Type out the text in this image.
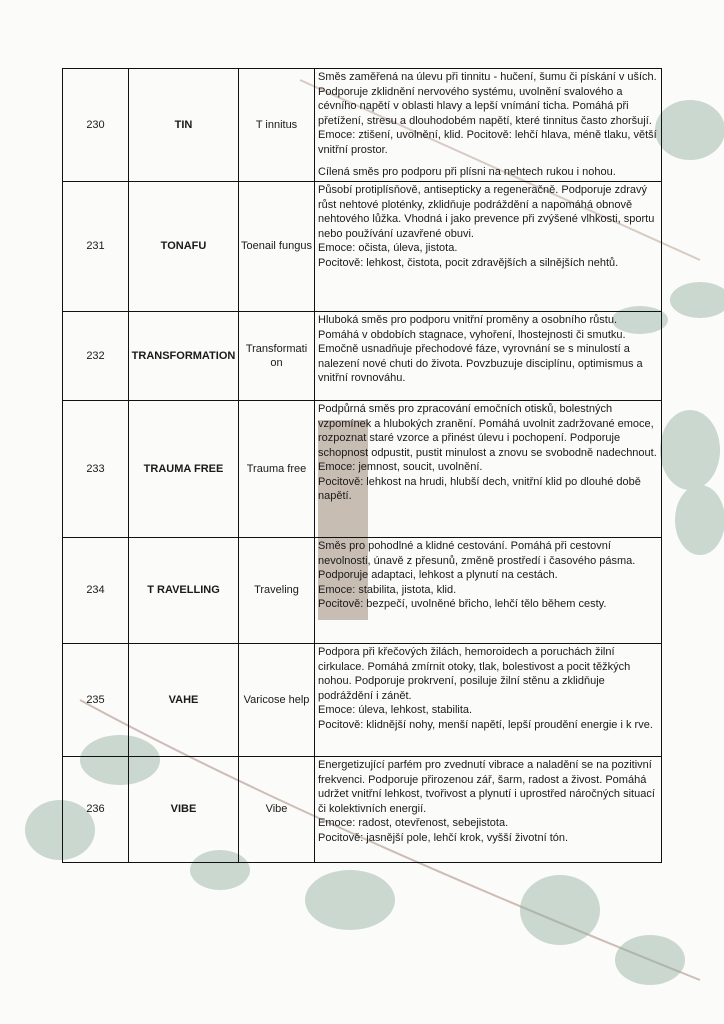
230	TIN	T innitus	Směs zaměřená na úlevu při tinnitu - hučení, šumu či pískání v uších. Podporuje zklidnění nervového systému, uvolnění svalového a cévního napětí v oblasti hlavy a lepší vnímání ticha. Pomáhá při přetížení, stresu a dlouhodobém napětí, které tinnitus často zhoršují. Emoce: ztišení, uvolnění, klid. Pocitově: lehčí hlava, méně tlaku, větší vnitřní prostor.

Cílená směs pro podporu při plísni na nehtech rukou i nohou.

231	TONAFU	Toenail fungus	Působí protiplísňově, antisepticky a regeneračně. Podporuje zdravý růst nehtové ploténky, zklidňuje podráždění a napomáhá obnově nehtového lůžka. Vhodná i jako prevence při zvýšené vlhkosti, sportu nebo používání uzavřené obuvi.

Emoce: očista, úleva, jistota.

Pocitově: lehkost, čistota, pocit zdravějších a silnějších nehtů.

232	TRANSFORMATION	Transformati on	Hluboká směs pro podporu vnitřní proměny a osobního růstu. Pomáhá v obdobích stagnace, vyhoření, lhostejnosti či smutku. Emočně usnadňuje přechodové fáze, vyrovnání se s minulostí a nalezení nové chuti do života. Povzbuzuje disciplínu, optimismus a vnitřní rovnováhu.

233	TRAUMA FREE	Trauma free	Podpůrná směs pro zpracování emočních otisků, bolestných vzpomínek a hlubokých zranění. Pomáhá uvolnit zadržované emoce, rozpoznat staré vzorce a přinést úlevu i pochopení. Podporuje schopnost odpustit, pustit minulost a znovu se svobodně nadechnout.

Emoce: jemnost, soucit, uvolnění.

Pocitově: lehkost na hrudi, hlubší dech, vnitřní klid po dlouhé době napětí.

234	T RAVELLING	Traveling	Směs pro pohodlné a klidné cestování. Pomáhá při cestovní nevolnosti, únavě z přesunů, změně prostředí i časového pásma. Podporuje adaptaci, lehkost a plynutí na cestách.

Emoce: stabilita, jistota, klid.

Pocitově: bezpečí, uvolněné břicho, lehčí tělo během cesty.

235	VAHE	Varicose help	Podpora při křečových žilách, hemoroidech a poruchách žilní cirkulace. Pomáhá zmírnit otoky, tlak, bolestivost a pocit těžkých nohou. Podporuje prokrvení, posiluje žilní stěnu a zklidňuje podráždění i zánět.

Emoce: úleva, lehkost, stabilita.

Pocitově: klidnější nohy, menší napětí, lepší proudění energie i k rve.

236	VIBE	Vibe	Energetizující parfém pro zvednutí vibrace a naladění se na pozitivní frekvenci. Podporuje přirozenou zář, šarm, radost a živost. Pomáhá udržet vnitřní lehkost, tvořivost a plynutí i uprostřed náročných situací či kolektivních energií.

Emoce: radost, otevřenost, sebejistota.

Pocitově: jasnější pole, lehčí krok, vyšší životní tón.
